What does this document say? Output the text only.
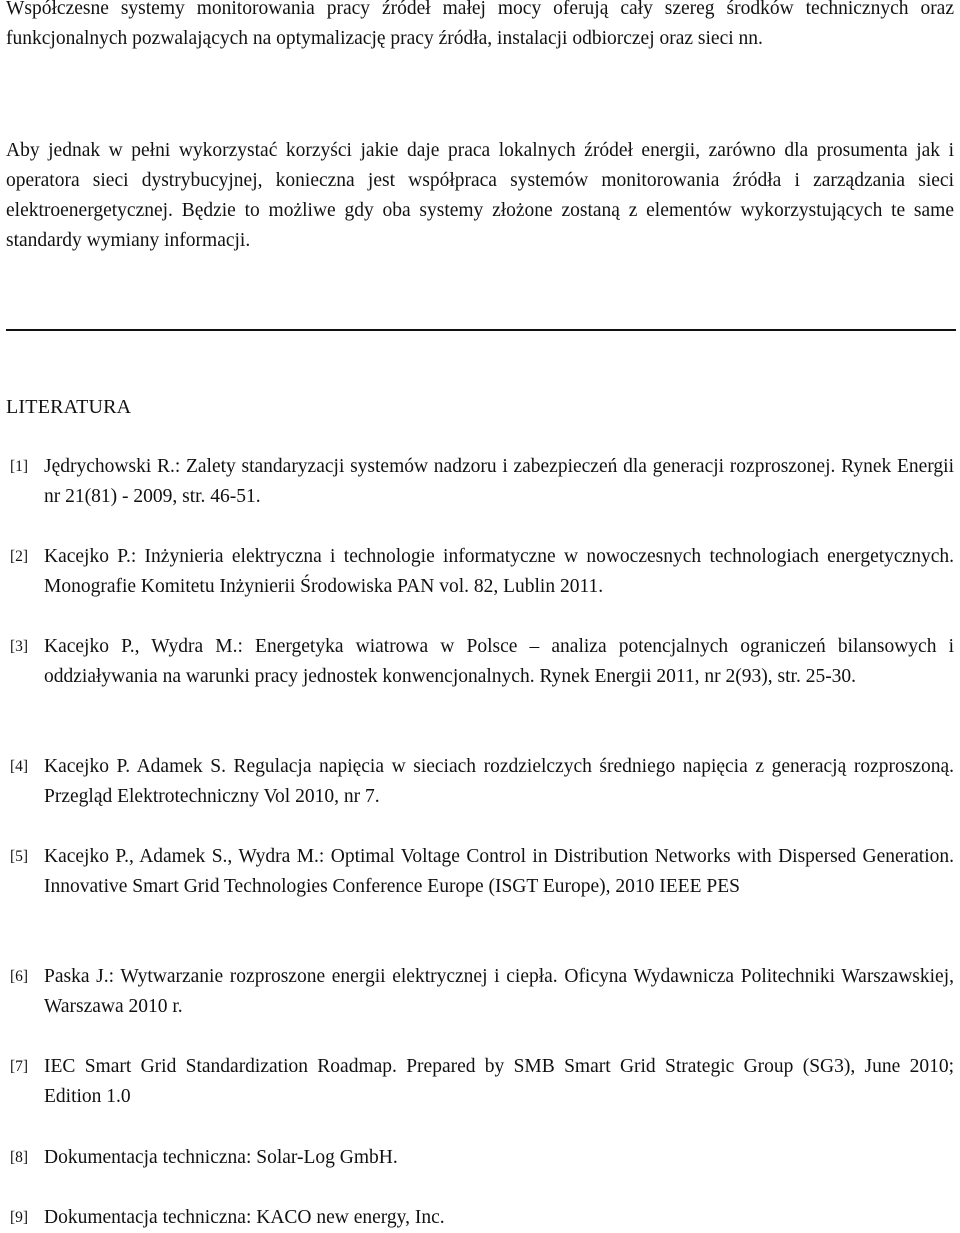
Współczesne systemy monitorowania pracy źródeł małej mocy oferują cały szereg środków technicznych oraz funkcjonalnych pozwalających na optymalizację pracy źródła, instalacji odbiorczej oraz sieci nn.

Aby jednak w pełni wykorzystać korzyści jakie daje praca lokalnych źródeł energii, zarówno dla prosumenta jak i operatora sieci dystrybucyjnej, konieczna jest współpraca systemów monitorowania źródła i zarządzania sieci elektroenergetycznej. Będzie to możliwe gdy oba systemy złożone zostaną z elementów wykorzystujących te same standardy wymiany informacji.

LITERATURA
[1] Jędrychowski R.: Zalety standaryzacji systemów nadzoru i zabezpieczeń dla generacji rozproszonej. Rynek Energii nr 21(81) - 2009, str. 46-51.
[2] Kacejko P.: Inżynieria elektryczna i technologie informatyczne w nowoczesnych technologiach energetycznych. Monografie Komitetu Inżynierii Środowiska PAN vol. 82, Lublin 2011.
[3] Kacejko P., Wydra M.: Energetyka wiatrowa w Polsce – analiza potencjalnych ograniczeń bilansowych i oddziaływania na warunki pracy jednostek konwencjonalnych. Rynek Energii 2011, nr 2(93), str. 25-30.
[4] Kacejko P. Adamek S. Regulacja napięcia w sieciach rozdzielczych średniego napięcia z generacją rozproszoną. Przegląd Elektrotechniczny Vol 2010, nr 7.
[5] Kacejko P., Adamek S., Wydra M.: Optimal Voltage Control in Distribution Networks with Dispersed Generation. Innovative Smart Grid Technologies Conference Europe (ISGT Europe), 2010 IEEE PES
[6] Paska J.: Wytwarzanie rozproszone energii elektrycznej i ciepła. Oficyna Wydawnicza Politechniki Warszawskiej, Warszawa 2010 r.
[7] IEC Smart Grid Standardization Roadmap. Prepared by SMB Smart Grid Strategic Group (SG3), June 2010; Edition 1.0
[8] Dokumentacja techniczna: Solar-Log GmbH.
[9] Dokumentacja techniczna: KACO new energy, Inc.
